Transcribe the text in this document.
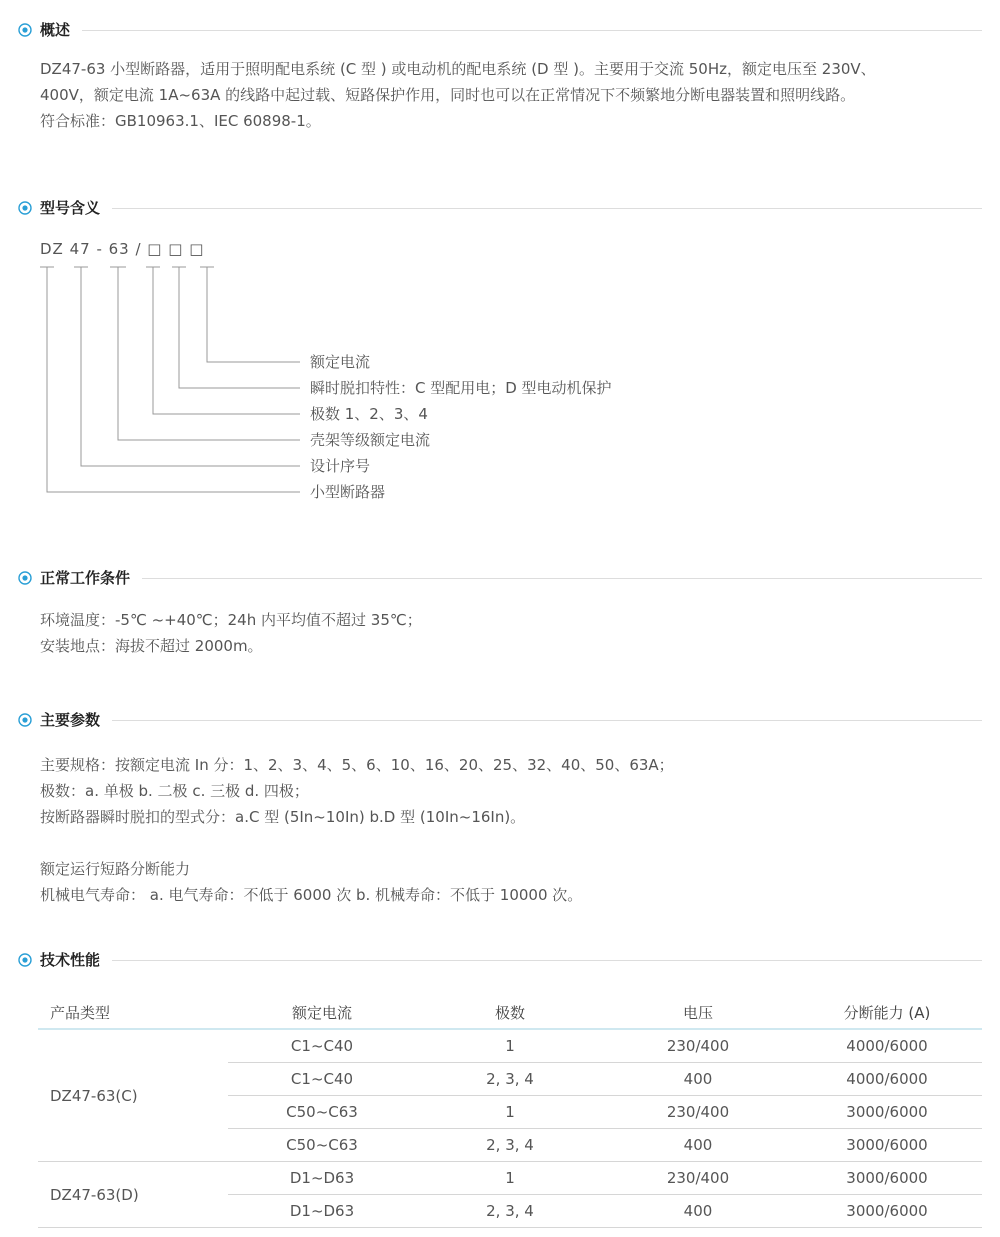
概述

DZ47-63 小型断路器，适用于照明配电系统 (C 型 ) 或电动机的配电系统 (D 型 )。主要用于交流 50Hz，额定电压至 230V、

400V，额定电流 1A~63A 的线路中起过载、短路保护作用，同时也可以在正常情况下不频繁地分断电器装置和照明线路。

符合标准：GB10963.1、IEC 60898-1。

型号含义
DZ 47 - 63 / □ □ □
额定电流
瞬时脱扣特性：C 型配用电；D 型电动机保护
极数 1、2、3、4
壳架等级额定电流
设计序号
小型断路器
正常工作条件

环境温度：-5℃ ~+40℃；24h 内平均值不超过 35℃；

安装地点：海拔不超过 2000m。

主要参数

主要规格：按额定电流 In 分：1、2、3、4、5、6、10、16、20、25、32、40、50、63A；

极数：a. 单极 b. 二极 c. 三极 d. 四极；

按断路器瞬时脱扣的型式分：a.C 型 (5In~10In) b.D 型 (10In~16In)。

额定运行短路分断能力

机械电气寿命： a. 电气寿命：不低于 6000 次 b. 机械寿命：不低于 10000 次。

技术性能
产品类型	额定电流	极数	电压	分断能力 (A)
DZ47-63(C)	C1~C40	1	230/400	4000/6000
	C1~C40	2, 3, 4	400	4000/6000
	C50~C63	1	230/400	3000/6000
	C50~C63	2, 3, 4	400	3000/6000
DZ47-63(D)	D1~D63	1	230/400	3000/6000
	D1~D63	2, 3, 4	400	3000/6000
